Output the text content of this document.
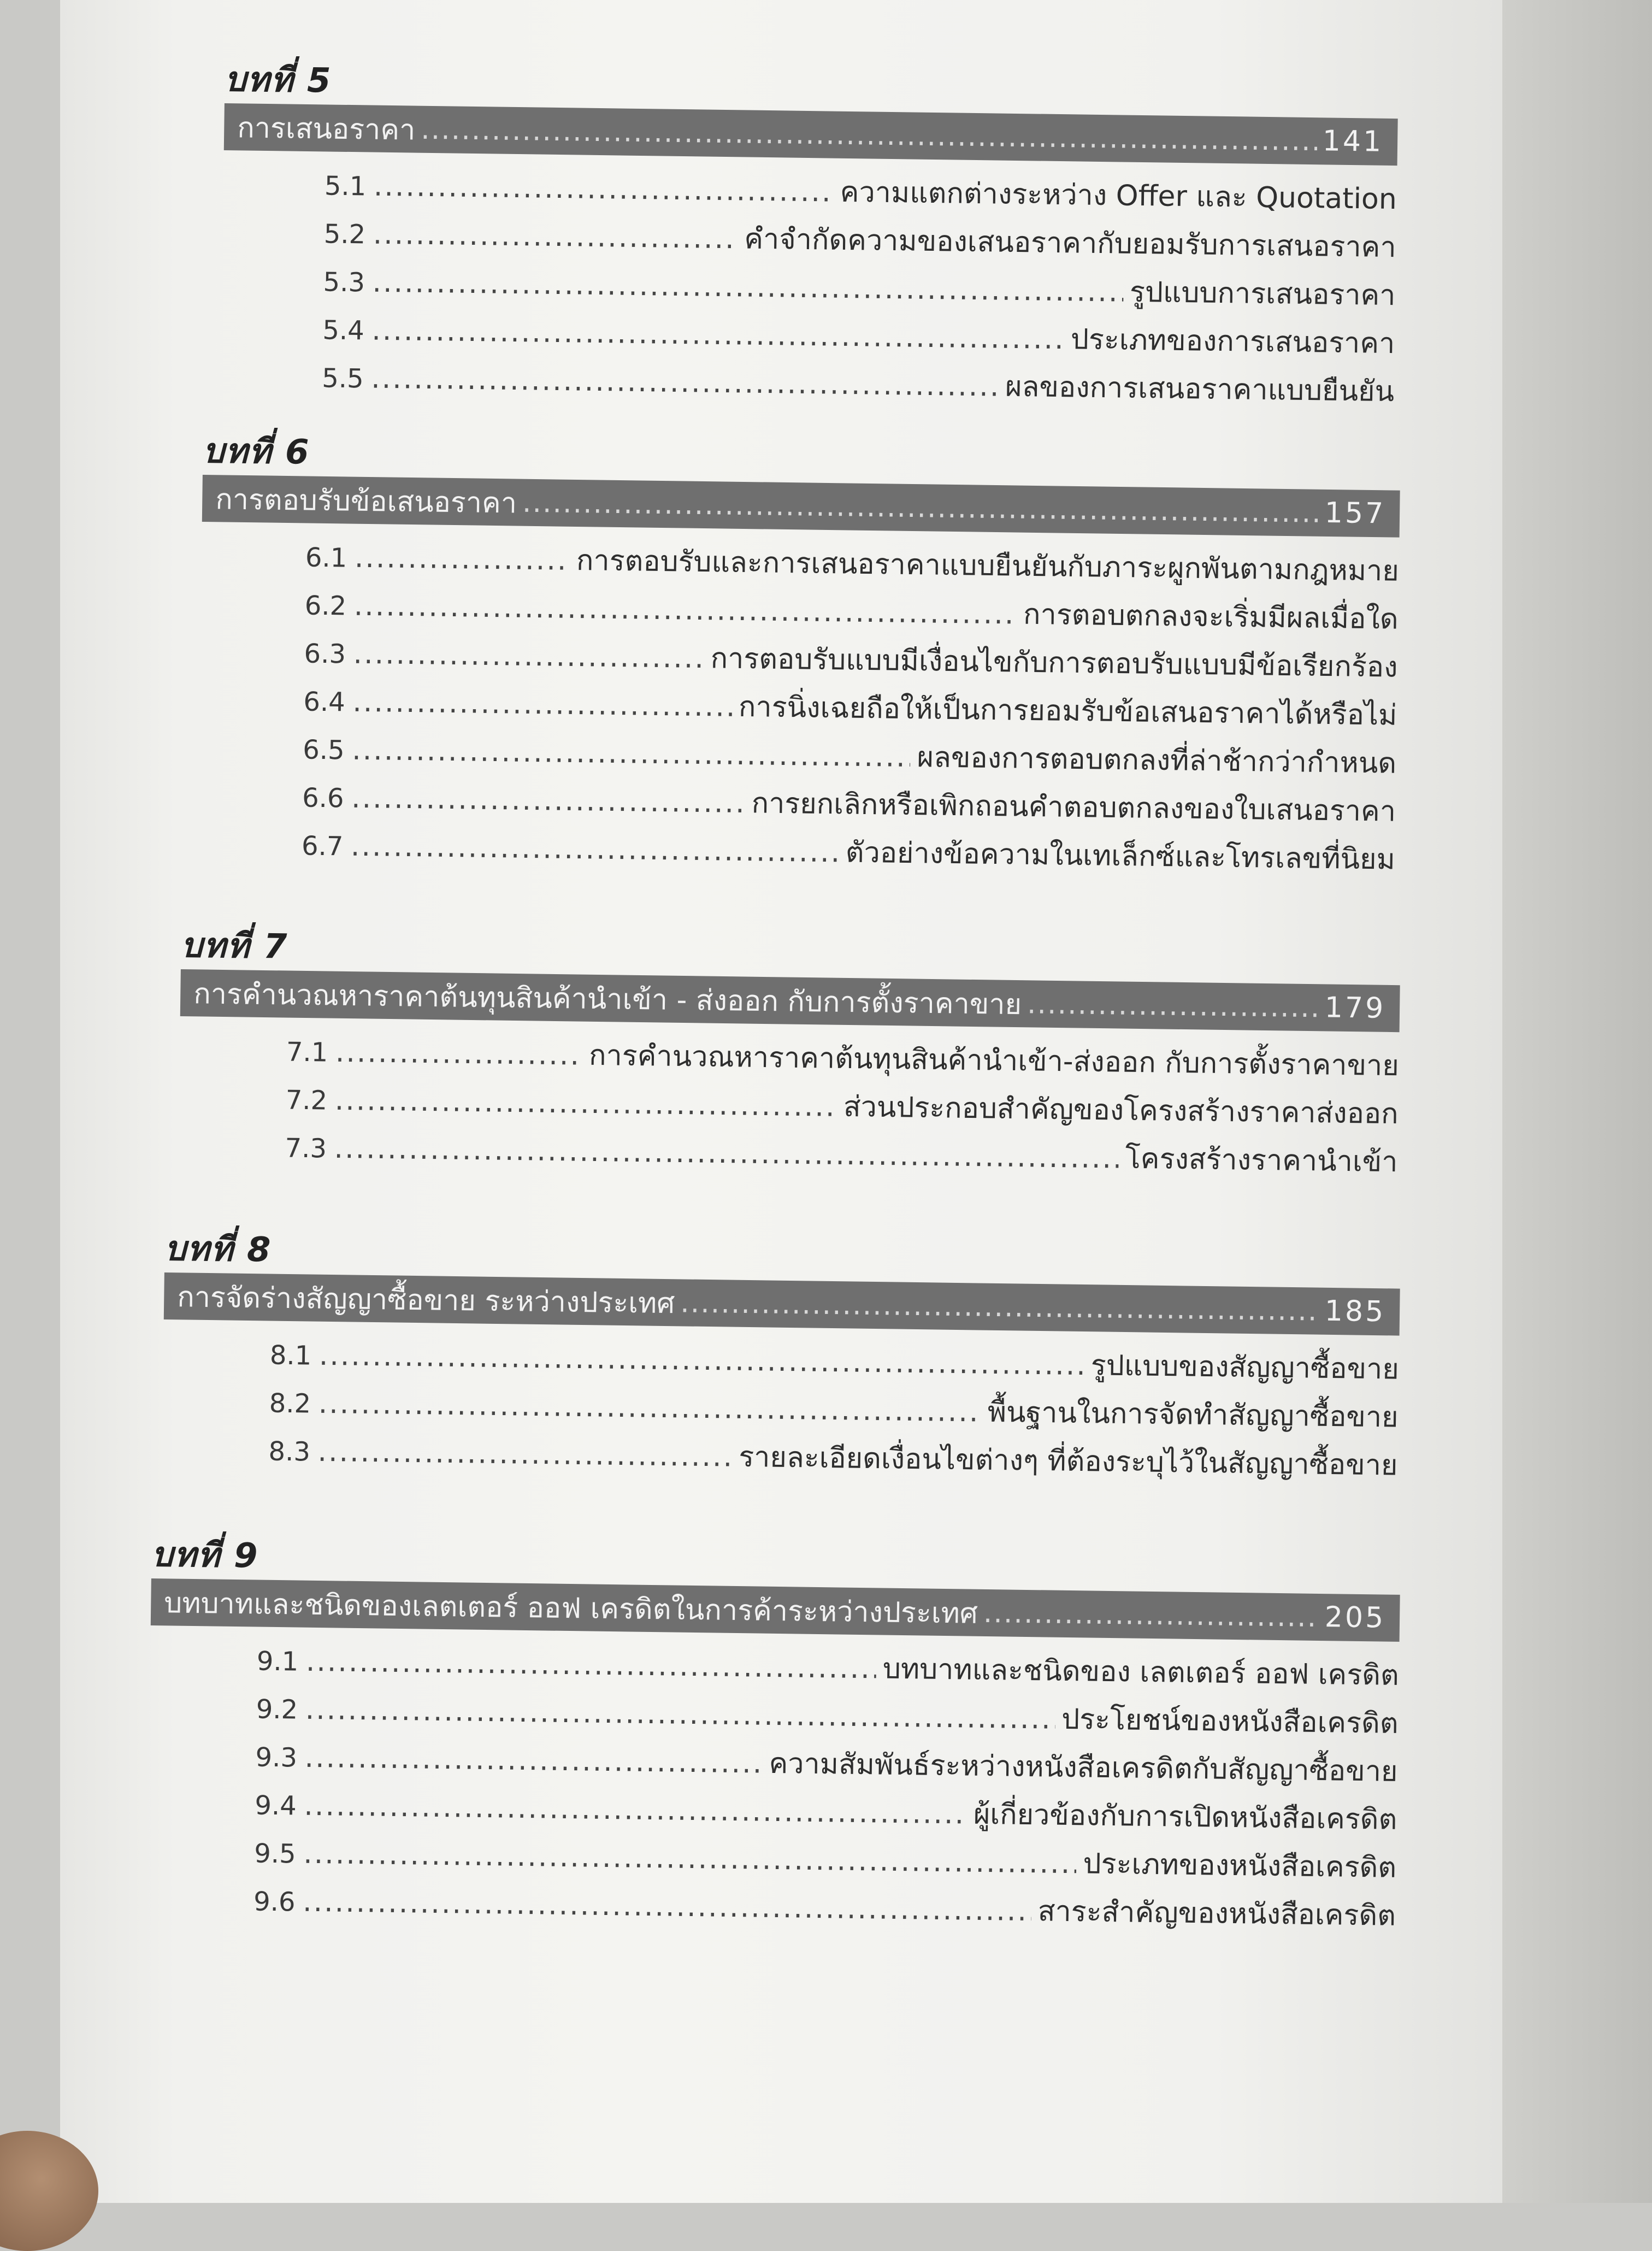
บทที่ 5
การเสนอราคา .....	141
5.1 .....	ความแตกต่างระหว่าง Offer และ Quotation
5.2 .....	คำจำกัดความของเสนอราคากับยอมรับการเสนอราคา
5.3 .....	รูปแบบการเสนอราคา
5.4 .....	ประเภทของการเสนอราคา
5.5 .....	ผลของการเสนอราคาแบบยืนยัน
บทที่ 6
การตอบรับข้อเสนอราคา .....	157
6.1 .....	การตอบรับและการเสนอราคาแบบยืนยันกับภาระผูกพันตามกฎหมาย
6.2 .....	การตอบตกลงจะเริ่มมีผลเมื่อใด
6.3 .....	การตอบรับแบบมีเงื่อนไขกับการตอบรับแบบมีข้อเรียกร้อง
6.4 .....	การนิ่งเฉยถือให้เป็นการยอมรับข้อเสนอราคาได้หรือไม่
6.5 .....	ผลของการตอบตกลงที่ล่าช้ากว่ากำหนด
6.6 .....	การยกเลิกหรือเพิกถอนคำตอบตกลงของใบเสนอราคา
6.7 .....	ตัวอย่างข้อความในเทเล็กซ์และโทรเลขที่นิยม
บทที่ 7
การคำนวณหาราคาต้นทุนสินค้านำเข้า - ส่งออก กับการตั้งราคาขาย .....	179
7.1 .....	การคำนวณหาราคาต้นทุนสินค้านำเข้า-ส่งออก กับการตั้งราคาขาย
7.2 .....	ส่วนประกอบสำคัญของโครงสร้างราคาส่งออก
7.3 .....	โครงสร้างราคานำเข้า
บทที่ 8
การจัดร่างสัญญาซื้อขาย ระหว่างประเทศ .....	185
8.1 .....	รูปแบบของสัญญาซื้อขาย
8.2 .....	พื้นฐานในการจัดทำสัญญาซื้อขาย
8.3 .....	รายละเอียดเงื่อนไขต่างๆ ที่ต้องระบุไว้ในสัญญาซื้อขาย
บทที่ 9
บทบาทและชนิดของเลตเตอร์ ออฟ เครดิตในการค้าระหว่างประเทศ .....	205
9.1 .....	บทบาทและชนิดของ เลตเตอร์ ออฟ เครดิต
9.2 .....	ประโยชน์ของหนังสือเครดิต
9.3 .....	ความสัมพันธ์ระหว่างหนังสือเครดิตกับสัญญาซื้อขาย
9.4 .....	ผู้เกี่ยวข้องกับการเปิดหนังสือเครดิต
9.5 .....	ประเภทของหนังสือเครดิต
9.6 .....	สาระสำคัญของหนังสือเครดิต
